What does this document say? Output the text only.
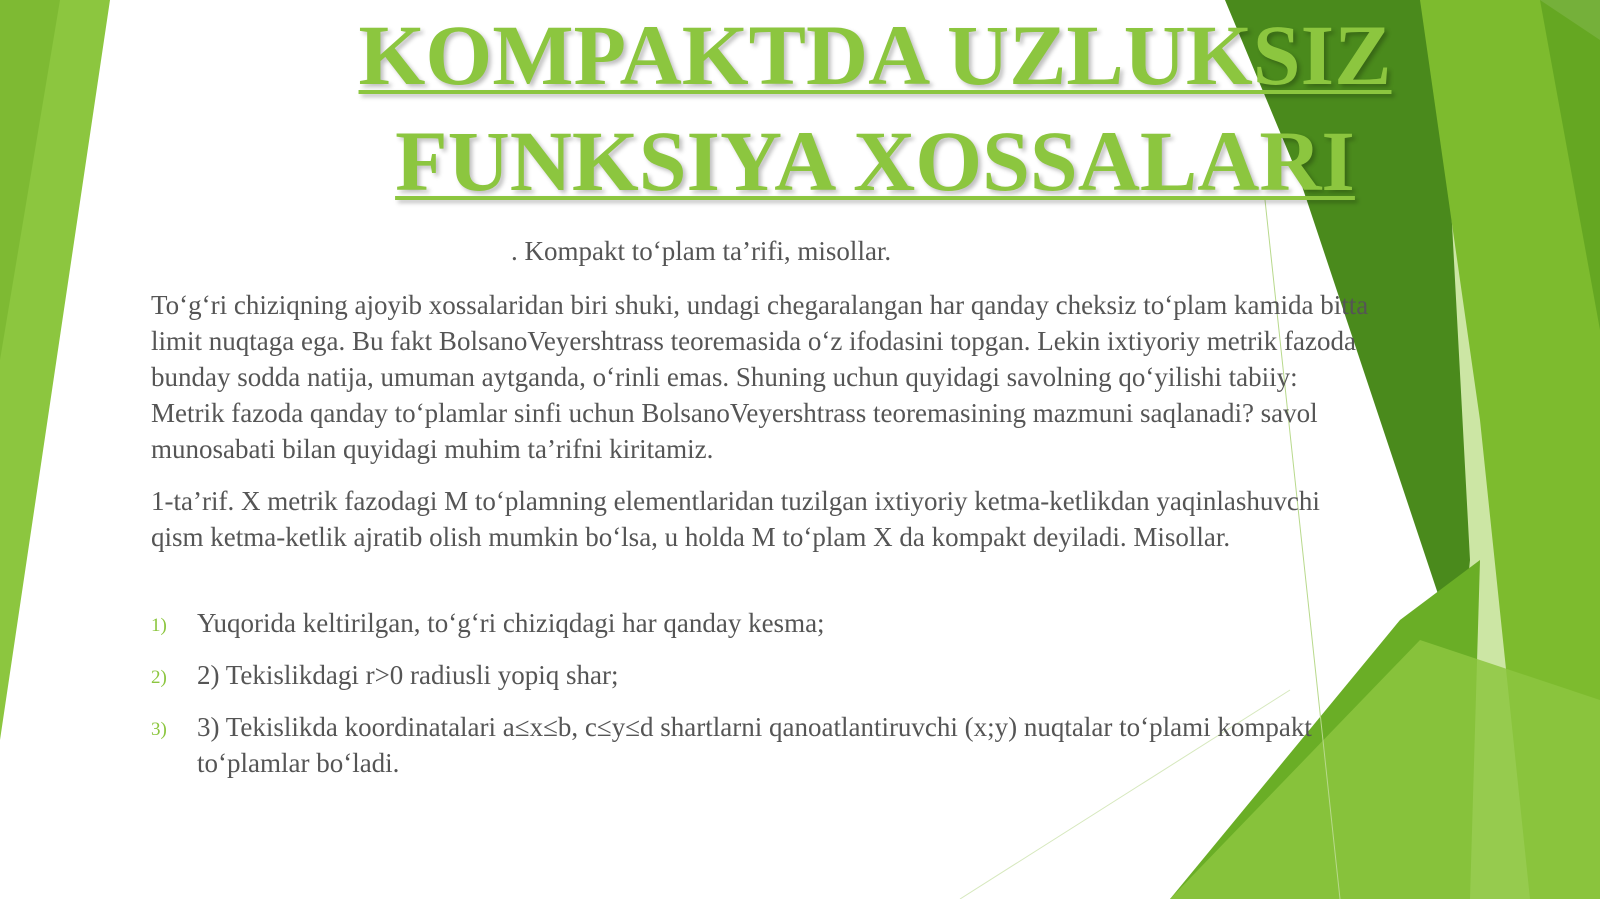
KOMPAKTDA UZLUKSIZ
FUNKSIYA XOSSALARI

. Kompakt to‘plam ta’rifi, misollar.

To‘g‘ri chiziqning ajoyib xossalaridan biri shuki, undagi chegaralangan har qanday cheksiz to‘plam kamida bitta limit nuqtaga ega. Bu fakt BolsanoVeyershtrass teoremasida o‘z ifodasini topgan. Lekin ixtiyoriy metrik fazoda bunday sodda natija, umuman aytganda, o‘rinli emas. Shuning uchun quyidagi savolning qo‘yilishi tabiiy: Metrik fazoda qanday to‘plamlar sinfi uchun BolsanoVeyershtrass teoremasining mazmuni saqlanadi? savol munosabati bilan quyidagi muhim ta’rifni kiritamiz.

1-ta’rif. X metrik fazodagi M to‘plamning elementlaridan tuzilgan ixtiyoriy ketma-ketlikdan yaqinlashuvchi qism ketma-ketlik ajratib olish mumkin bo‘lsa, u holda M to‘plam X da kompakt deyiladi. Misollar.

1) Yuqorida keltirilgan, to‘g‘ri chiziqdagi har qanday kesma;
2) 2) Tekislikdagi r>0 radiusli yopiq shar;
3) 3) Tekislikda koordinatalari a≤x≤b, c≤y≤d shartlarni qanoatlantiruvchi (x;y) nuqtalar to‘plami kompakt to‘plamlar bo‘ladi.
